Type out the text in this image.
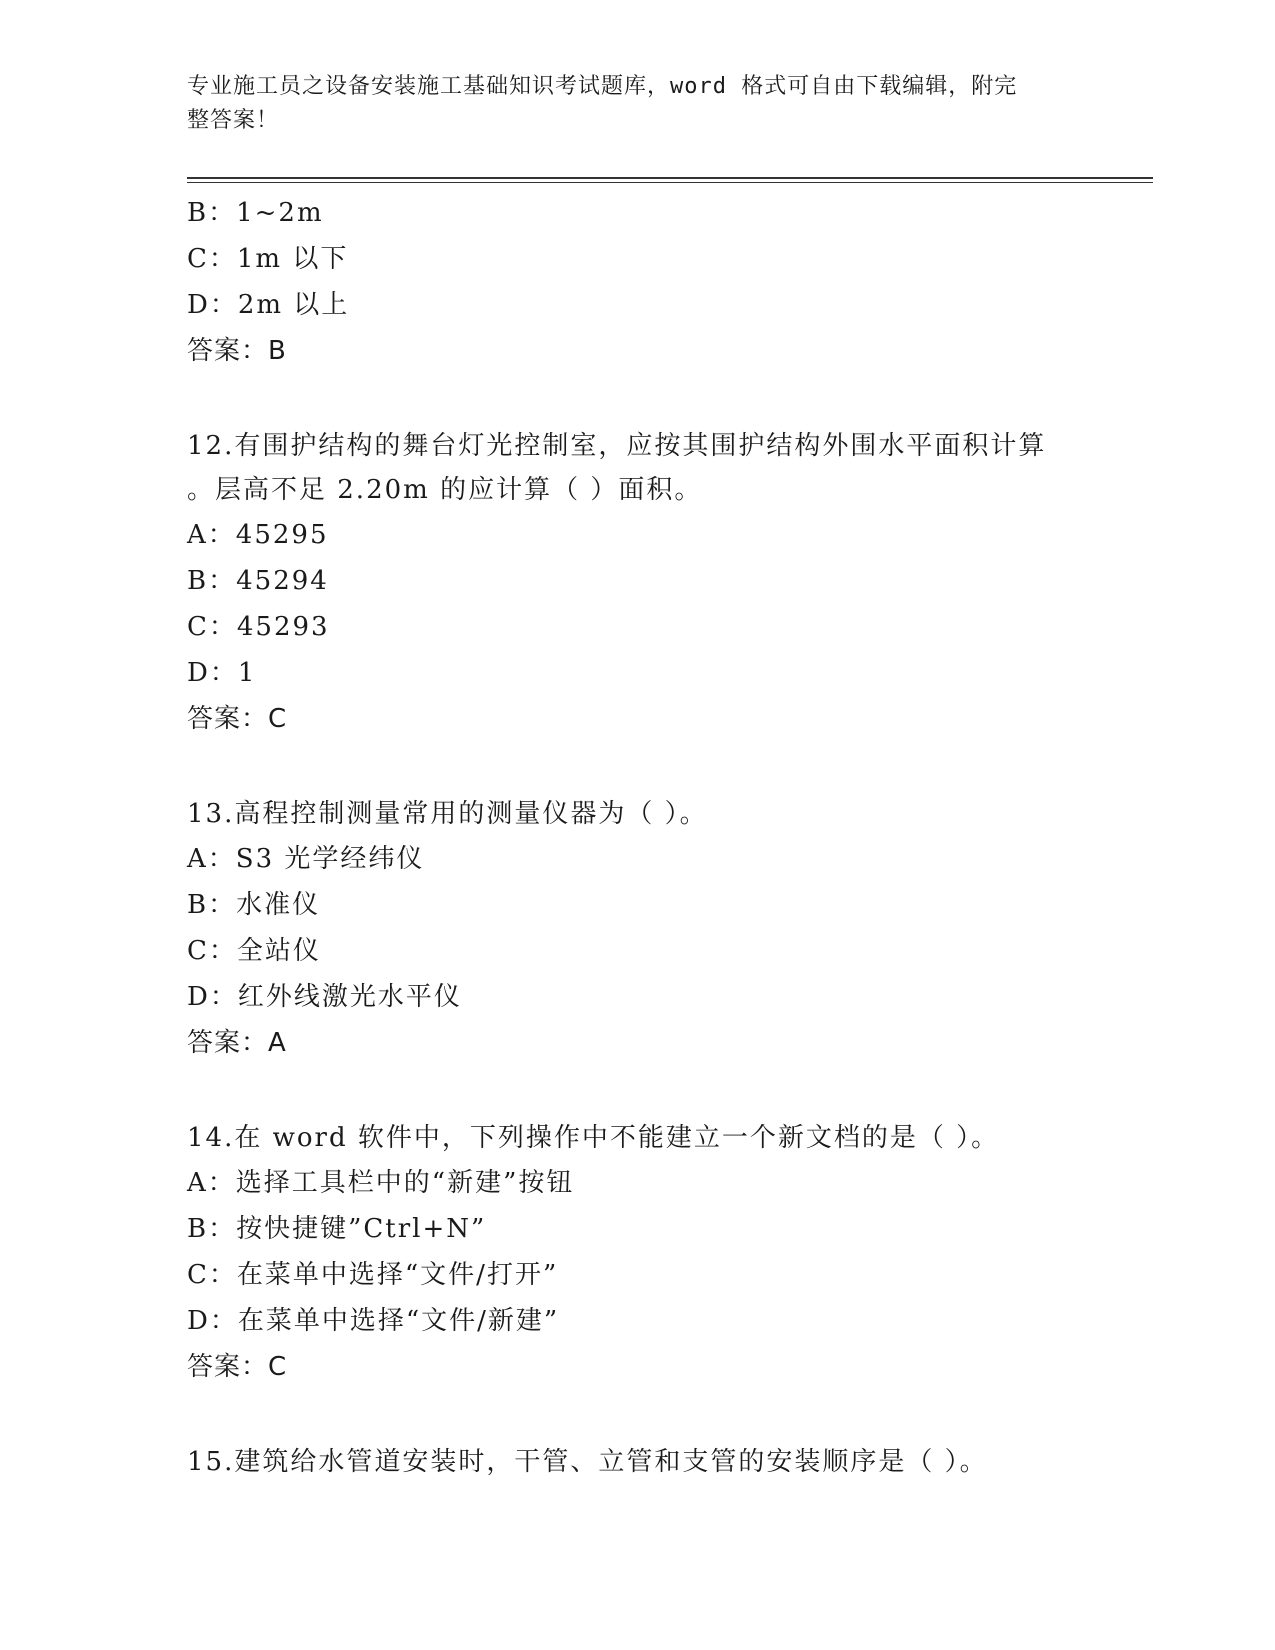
专业施工员之设备安装施工基础知识考试题库，word 格式可自由下载编辑，附完
整答案！
B：1~2m
C：1m 以下
D：2m 以上
答案：B
12.有围护结构的舞台灯光控制室，应按其围护结构外围水平面积计算
。层高不足 2.20m 的应计算（ ）面积。
A：45295
B：45294
C：45293
D：1
答案：C
13.高程控制测量常用的测量仪器为（ ）。
A：S3 光学经纬仪
B：水准仪
C：全站仪
D：红外线激光水平仪
答案：A
14.在 word 软件中，下列操作中不能建立一个新文档的是（ ）。
A：选择工具栏中的“新建”按钮
B：按快捷键”Ctrl+N”
C：在菜单中选择“文件/打开”
D：在菜单中选择“文件/新建”
答案：C
15.建筑给水管道安装时，干管、立管和支管的安装顺序是（ ）。
